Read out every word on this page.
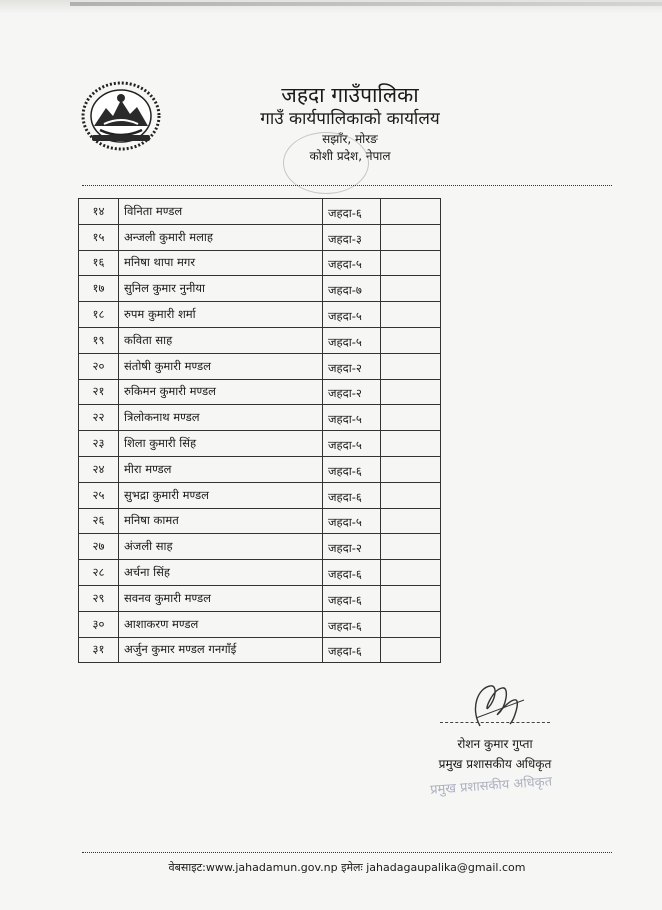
जहदा गाउँपालिका
गाउँ कार्यपालिकाको कार्यालय
सझाँर, मोरङ
कोशी प्रदेश, नेपाल
१४	विनिता मण्डल	जहदा-६	
१५	अन्जली कुमारी मलाह	जहदा-३	
१६	मनिषा थापा मगर	जहदा-५	
१७	सुनिल कुमार नुनीया	जहदा-७	
१८	रुपम कुमारी शर्मा	जहदा-५	
१९	कविता साह	जहदा-५	
२०	संतोषी कुमारी मण्डल	जहदा-२	
२१	रुकिमन कुमारी मण्डल	जहदा-२	
२२	त्रिलोकनाथ मण्डल	जहदा-५	
२३	शिला कुमारी सिंह	जहदा-५	
२४	मीरा मण्डल	जहदा-६	
२५	सुभद्रा कुमारी मण्डल	जहदा-६	
२६	मनिषा कामत	जहदा-५	
२७	अंजली साह	जहदा-२	
२८	अर्चना सिंह	जहदा-६	
२९	सवनव कुमारी मण्डल	जहदा-६	
३०	आशाकरण मण्डल	जहदा-६	
३१	अर्जुन कुमार मण्डल गनगाँई	जहदा-६	
रोशन कुमार गुप्ता
प्रमुख प्रशासकीय अधिकृत
प्रमुख प्रशासकीय अधिकृत
वेबसाइट:www.jahadamun.gov.np इमेलः jahadagaupalika@gmail.com
